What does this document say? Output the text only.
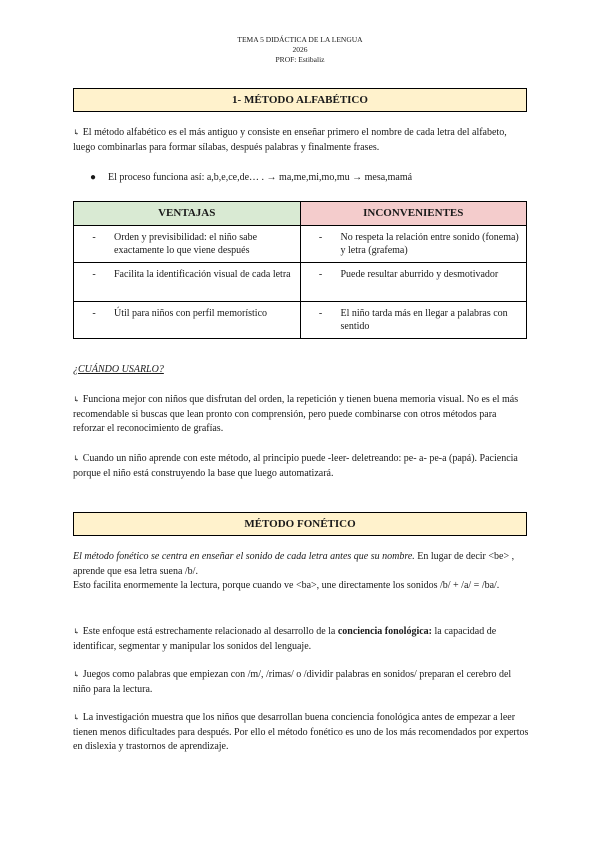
TEMA 5 DIDÁCTICA DE LA LENGUA
2026
PROF: Estibaliz
1- MÉTODO ALFABÉTICO
↳ El método alfabético es el más antiguo y consiste en enseñar primero el nombre de cada letra del alfabeto, luego combinarlas para formar sílabas, después palabras y finalmente frases.
● El proceso funciona así: a,b,e,ce,de… . → ma,me,mi,mo,mu → mesa,mamá
VENTAJAS	INCONVENIENTES

- Orden y previsibilidad: el niño sabe exactamente lo que viene después	- No respeta la relación entre sonido (fonema) y letra (grafema)

- Facilita la identificación visual de cada letra	- Puede resultar aburrido y desmotivador

- Útil para niños con perfil memorístico	- El niño tarda más en llegar a palabras con sentido
¿CUÁNDO USARLO?
↳ Funciona mejor con niños que disfrutan del orden, la repetición y tienen buena memoria visual. No es el más recomendable si buscas que lean pronto con comprensión, pero puede combinarse con otros métodos para reforzar el reconocimiento de grafías.
↳ Cuando un niño aprende con este método, al principio puede -leer- deletreando: pe- a- pe-a (papá). Paciencia porque el niño está construyendo la base que luego automatizará.
MÉTODO FONÉTICO
El método fonético se centra en enseñar el sonido de cada letra antes que su nombre. En lugar de decir <be> , aprende que esa letra suena /b/.
Esto facilita enormemente la lectura, porque cuando ve <ba>, une directamente los sonidos /b/ + /a/ = /ba/.
↳ Este enfoque está estrechamente relacionado al desarrollo de la conciencia fonológica: la capacidad de identificar, segmentar y manipular los sonidos del lenguaje.
↳ Juegos como palabras que empiezan con /m/, /rimas/ o /dividir palabras en sonidos/ preparan el cerebro del niño para la lectura.
↳ La investigación muestra que los niños que desarrollan buena conciencia fonológica antes de empezar a leer tienen menos dificultades para después. Por ello el método fonético es uno de los más recomendados por expertos en dislexia y trastornos de aprendizaje.
